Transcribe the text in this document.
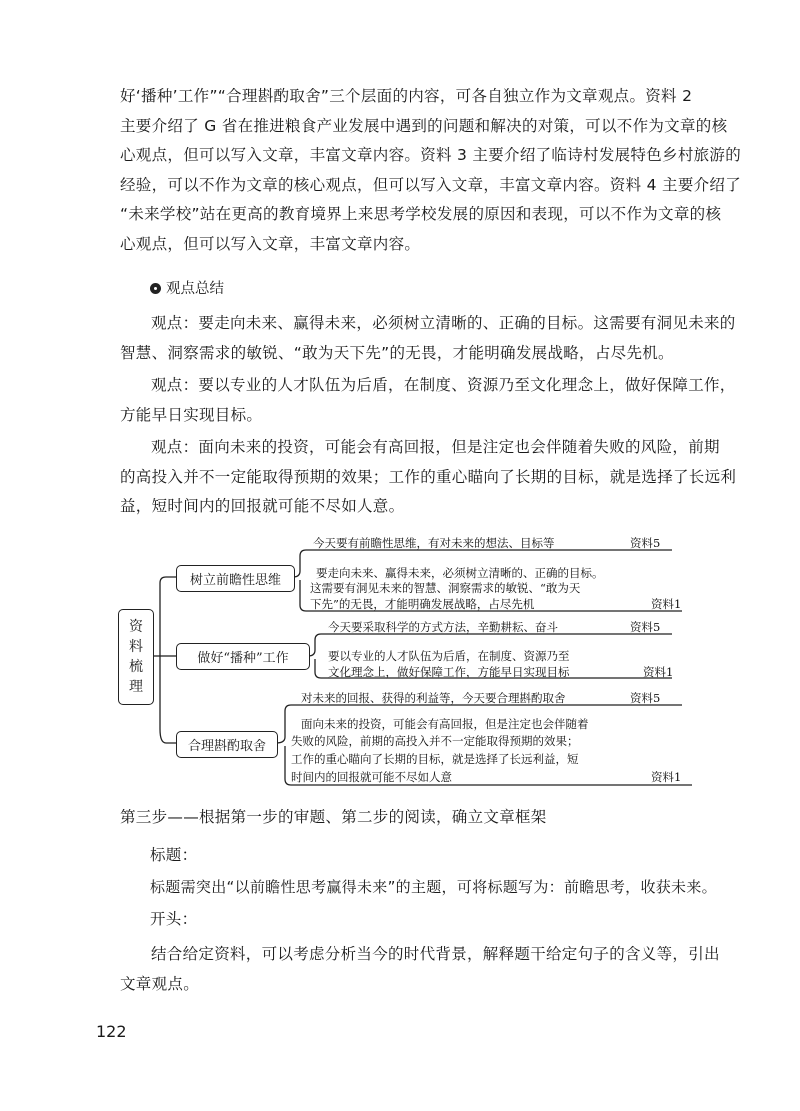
好‘播种’工作”“合理斟酌取舍”三个层面的内容，可各自独立作为文章观点。资料 2
主要介绍了 G 省在推进粮食产业发展中遇到的问题和解决的对策，可以不作为文章的核
心观点，但可以写入文章，丰富文章内容。资料 3 主要介绍了临诗村发展特色乡村旅游的
经验，可以不作为文章的核心观点，但可以写入文章，丰富文章内容。资料 4 主要介绍了
“未来学校”站在更高的教育境界上来思考学校发展的原因和表现，可以不作为文章的核
心观点，但可以写入文章，丰富文章内容。
观点总结
观点：要走向未来、赢得未来，必须树立清晰的、正确的目标。这需要有洞见未来的
智慧、洞察需求的敏锐、“敢为天下先”的无畏，才能明确发展战略，占尽先机。
观点：要以专业的人才队伍为后盾，在制度、资源乃至文化理念上，做好保障工作，
方能早日实现目标。
观点：面向未来的投资，可能会有高回报，但是注定也会伴随着失败的风险，前期
的高投入并不一定能取得预期的效果；工作的重心瞄向了长期的目标，就是选择了长远利
益，短时间内的回报就可能不尽如人意。
资
料
梳
理
树立前瞻性思维
做好“播种”工作
合理斟酌取舍
今天要有前瞻性思维，有对未来的想法、目标等	资料5
要走向未来、赢得未来，必须树立清晰的、正确的目标。
这需要有洞见未来的智慧、洞察需求的敏锐、“敢为天
下先”的无畏，才能明确发展战略，占尽先机	资料1
今天要采取科学的方式方法，辛勤耕耘、奋斗	资料5
要以专业的人才队伍为后盾，在制度、资源乃至
文化理念上，做好保障工作，方能早日实现目标	资料1
对未来的回报、获得的利益等，今天要合理斟酌取舍	资料5
面向未来的投资，可能会有高回报，但是注定也会伴随着
失败的风险，前期的高投入并不一定能取得预期的效果；
工作的重心瞄向了长期的目标，就是选择了长远利益，短
时间内的回报就可能不尽如人意	资料1
第三步——根据第一步的审题、第二步的阅读，确立文章框架
标题：
标题需突出“以前瞻性思考赢得未来”的主题，可将标题写为：前瞻思考，收获未来。
开头：
结合给定资料，可以考虑分析当今的时代背景，解释题干给定句子的含义等，引出
文章观点。
122
